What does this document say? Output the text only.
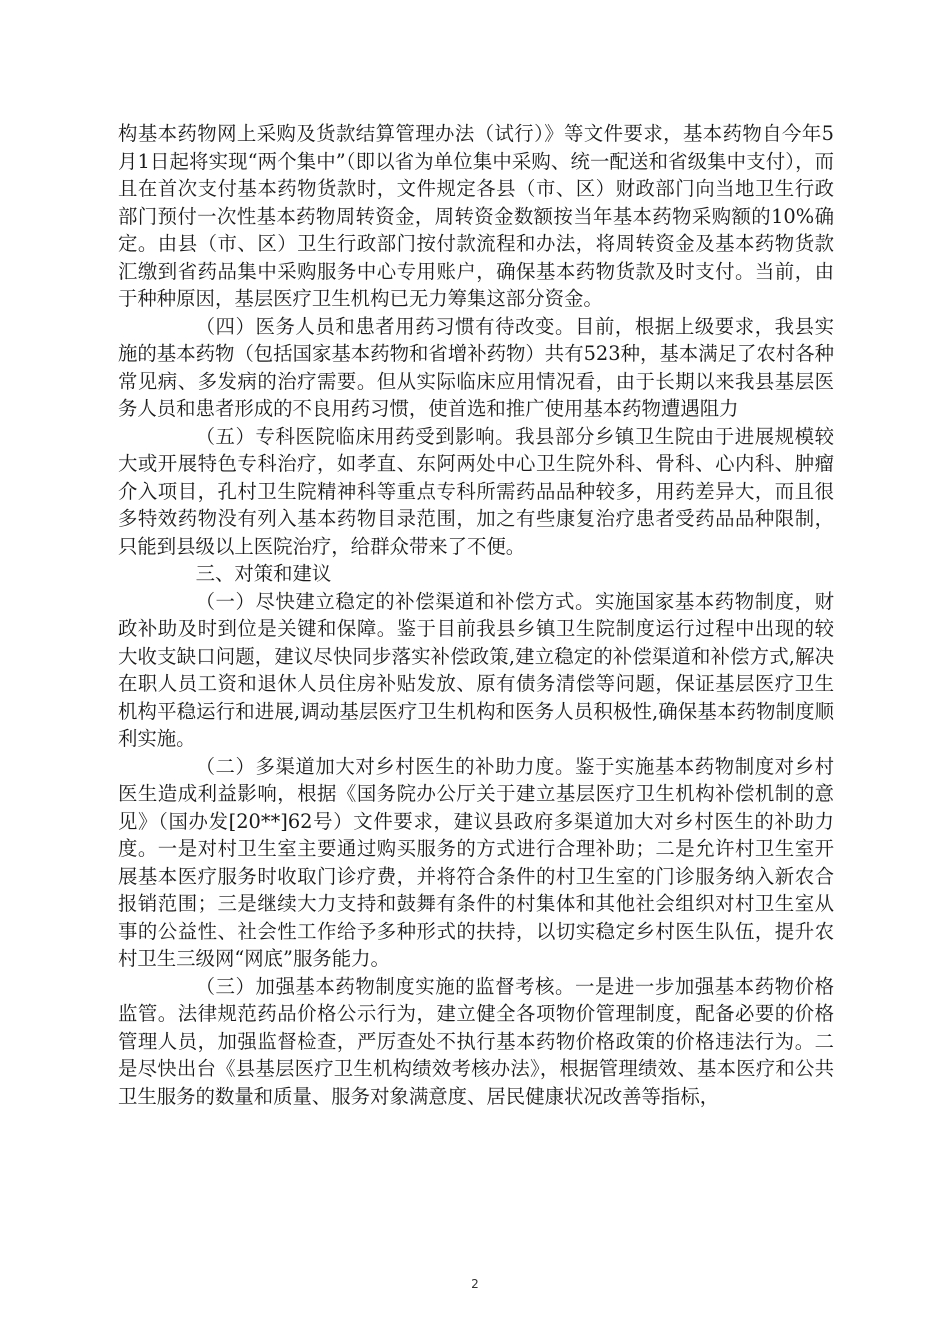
构基本药物网上采购及货款结算管理办法（试行）》等文件要求，基本药物自今年5月1日起将实现“两个集中”（即以省为单位集中采购、统一配送和省级集中支付），而且在首次支付基本药物货款时，文件规定各县（市、区）财政部门向当地卫生行政部门预付一次性基本药物周转资金，周转资金数额按当年基本药物采购额的10%确定。由县（市、区）卫生行政部门按付款流程和办法，将周转资金及基本药物货款汇缴到省药品集中采购服务中心专用账户，确保基本药物货款及时支付。当前，由于种种原因，基层医疗卫生机构已无力筹集这部分资金。

（四）医务人员和患者用药习惯有待改变。目前，根据上级要求，我县实施的基本药物（包括国家基本药物和省增补药物）共有523种，基本满足了农村各种常见病、多发病的治疗需要。但从实际临床应用情况看，由于长期以来我县基层医务人员和患者形成的不良用药习惯，使首选和推广使用基本药物遭遇阻力

（五）专科医院临床用药受到影响。我县部分乡镇卫生院由于进展规模较大或开展特色专科治疗，如孝直、东阿两处中心卫生院外科、骨科、心内科、肿瘤介入项目，孔村卫生院精神科等重点专科所需药品品种较多，用药差异大，而且很多特效药物没有列入基本药物目录范围，加之有些康复治疗患者受药品品种限制，只能到县级以上医院治疗，给群众带来了不便。

三、对策和建议

（一）尽快建立稳定的补偿渠道和补偿方式。实施国家基本药物制度，财政补助及时到位是关键和保障。鉴于目前我县乡镇卫生院制度运行过程中出现的较大收支缺口问题，建议尽快同步落实补偿政策,建立稳定的补偿渠道和补偿方式,解决在职人员工资和退休人员住房补贴发放、原有债务清偿等问题，保证基层医疗卫生机构平稳运行和进展,调动基层医疗卫生机构和医务人员积极性,确保基本药物制度顺利实施。

（二）多渠道加大对乡村医生的补助力度。鉴于实施基本药物制度对乡村医生造成利益影响，根据《国务院办公厅关于建立基层医疗卫生机构补偿机制的意见》（国办发[20**]62号）文件要求，建议县政府多渠道加大对乡村医生的补助力度。一是对村卫生室主要通过购买服务的方式进行合理补助；二是允许村卫生室开展基本医疗服务时收取门诊疗费，并将符合条件的村卫生室的门诊服务纳入新农合报销范围；三是继续大力支持和鼓舞有条件的村集体和其他社会组织对村卫生室从事的公益性、社会性工作给予多种形式的扶持，以切实稳定乡村医生队伍，提升农村卫生三级网“网底”服务能力。

（三）加强基本药物制度实施的监督考核。一是进一步加强基本药物价格监管。法律规范药品价格公示行为，建立健全各项物价管理制度，配备必要的价格管理人员，加强监督检查，严厉查处不执行基本药物价格政策的价格违法行为。二是尽快出台《县基层医疗卫生机构绩效考核办法》，根据管理绩效、基本医疗和公共卫生服务的数量和质量、服务对象满意度、居民健康状况改善等指标，

2
